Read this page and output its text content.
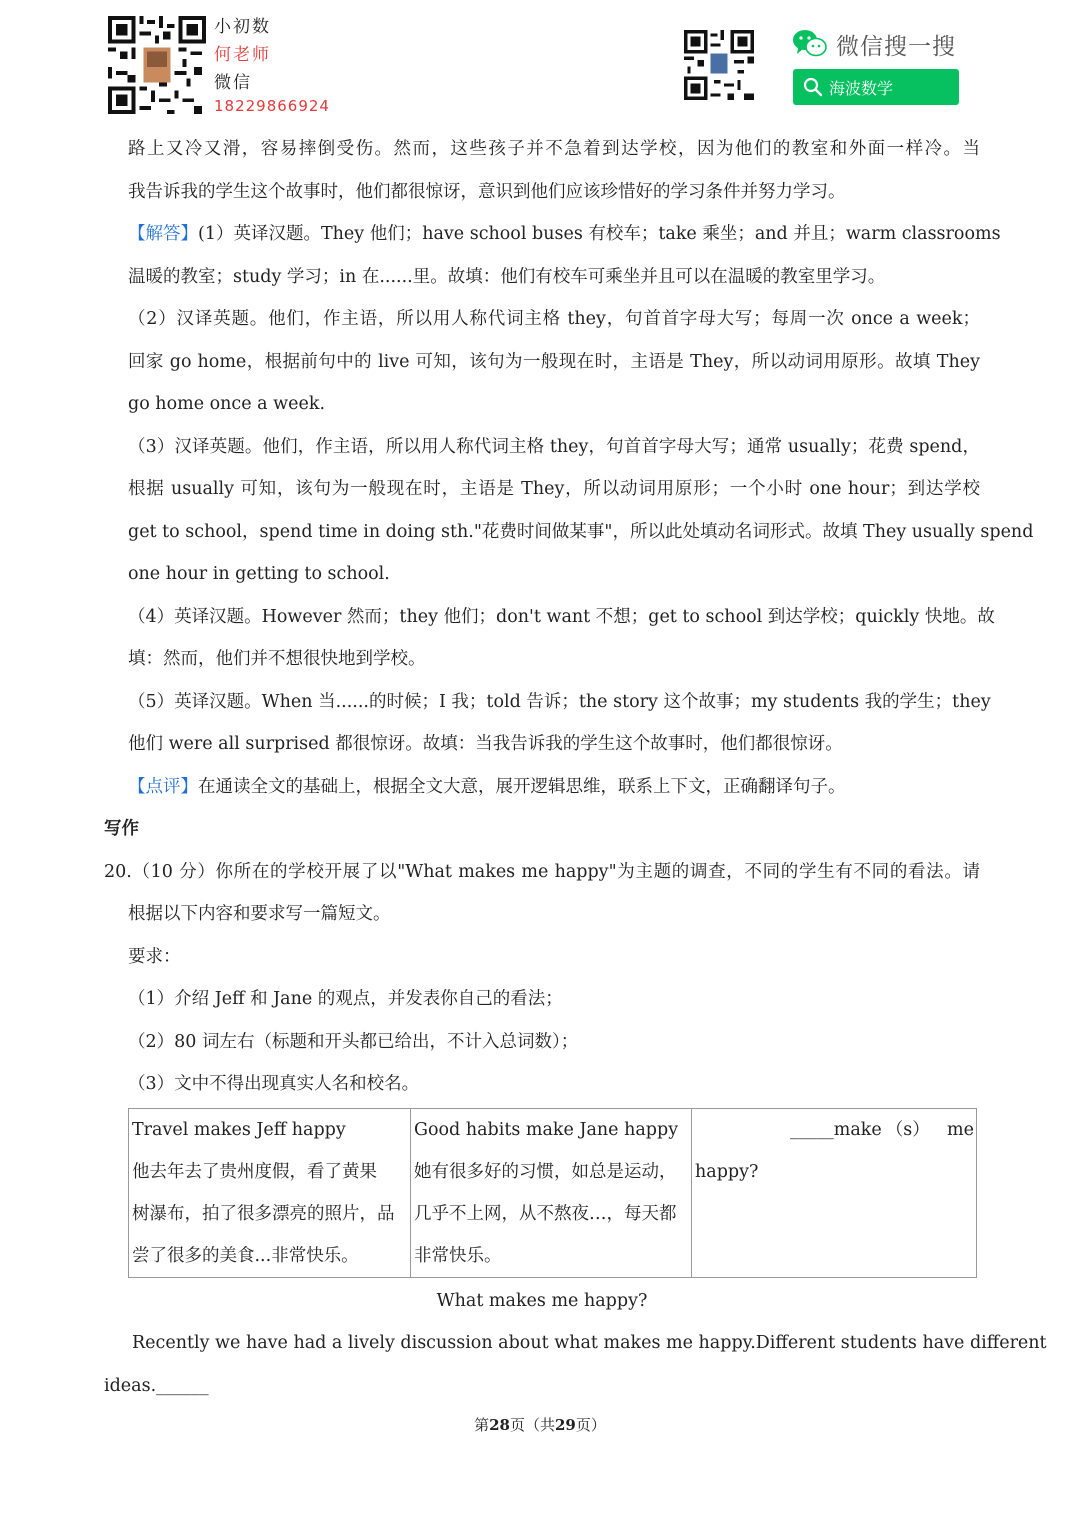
小初数
何老师
微信
18229866924
微信搜一搜
海波数学
路上又冷又滑，容易摔倒受伤。然而，这些孩子并不急着到达学校，因为他们的教室和外面一样冷。当
我告诉我的学生这个故事时，他们都很惊讶，意识到他们应该珍惜好的学习条件并努力学习。
【解答】(1）英译汉题。They 他们；have school buses 有校车；take 乘坐；and 并且；warm classrooms
温暖的教室；study 学习；in 在......里。故填：他们有校车可乘坐并且可以在温暖的教室里学习。
（2）汉译英题。他们，作主语，所以用人称代词主格 they，句首首字母大写；每周一次 once a week；
回家 go home，根据前句中的 live 可知，该句为一般现在时，主语是 They，所以动词用原形。故填 They
go home once a week.
（3）汉译英题。他们，作主语，所以用人称代词主格 they，句首首字母大写；通常 usually；花费 spend，
根据 usually 可知，该句为一般现在时，主语是 They，所以动词用原形；一个小时 one hour；到达学校
get to school，spend time in doing sth."花费时间做某事"，所以此处填动名词形式。故填 They usually spend
one hour in getting to school.
（4）英译汉题。However 然而；they 他们；don't want 不想；get to school 到达学校；quickly 快地。故
填：然而，他们并不想很快地到学校。
（5）英译汉题。When 当......的时候；I 我；told 告诉；the story 这个故事；my students 我的学生；they
他们 were all surprised 都很惊讶。故填：当我告诉我的学生这个故事时，他们都很惊讶。
【点评】在通读全文的基础上，根据全文大意，展开逻辑思维，联系上下文，正确翻译句子。
写作
20.（10 分）你所在的学校开展了以"What makes me happy"为主题的调查，不同的学生有不同的看法。请
根据以下内容和要求写一篇短文。
要求：
（1）介绍 Jeff 和 Jane 的观点，并发表你自己的看法；
（2）80 词左右（标题和开头都已给出，不计入总词数）；
（3）文中不得出现真实人名和校名。
Travel makes Jeff happy
他去年去了贵州度假，看了黄果
树瀑布，拍了很多漂亮的照片，品
尝了很多的美食...非常快乐。

Good habits make Jane happy
她有很多好的习惯，如总是运动，
几乎不上网，从不熬夜…，每天都
非常快乐。

_____make （s） me
happy?
What makes me happy?
Recently we have had a lively discussion about what makes me happy.Different students have different
ideas.______
第28页（共29页）
